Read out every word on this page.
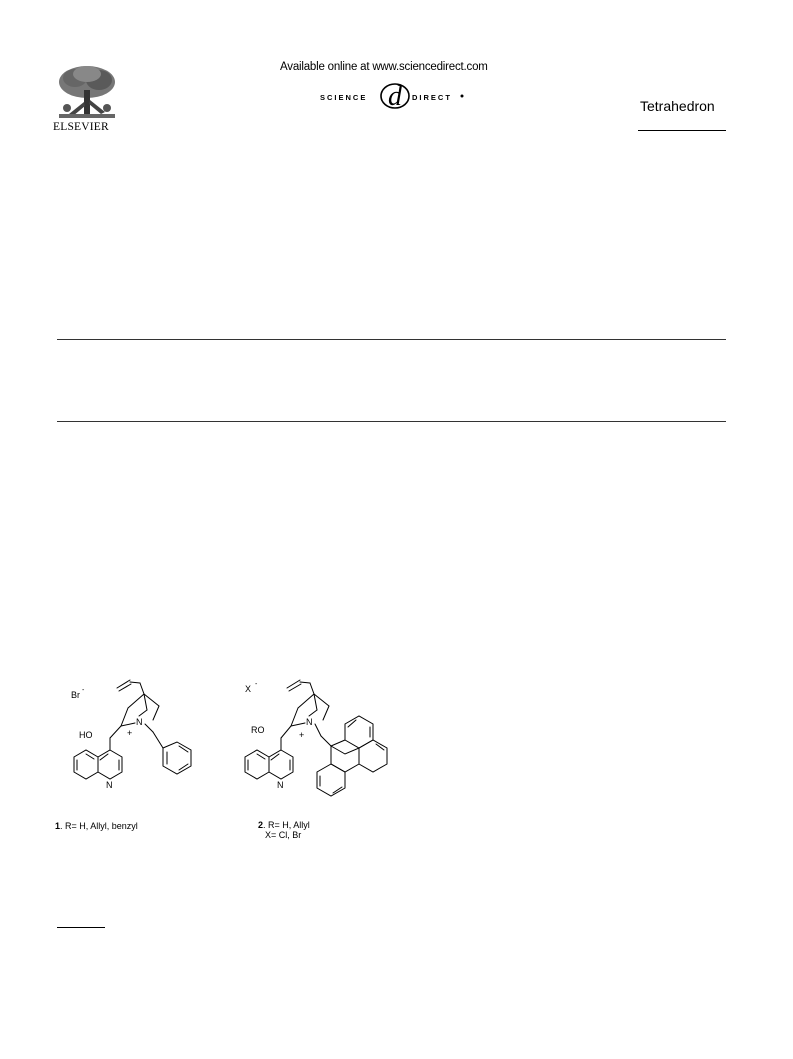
ELSEVIER
Available online at www.sciencedirect.com
SCIENCE d DIRECT
Tetrahedron
Br -
HO
N
+
N
1. R= H, Allyl, benzyl
X -
RO
N
+
N
2. R= H, Allyl
X= Cl, Br
